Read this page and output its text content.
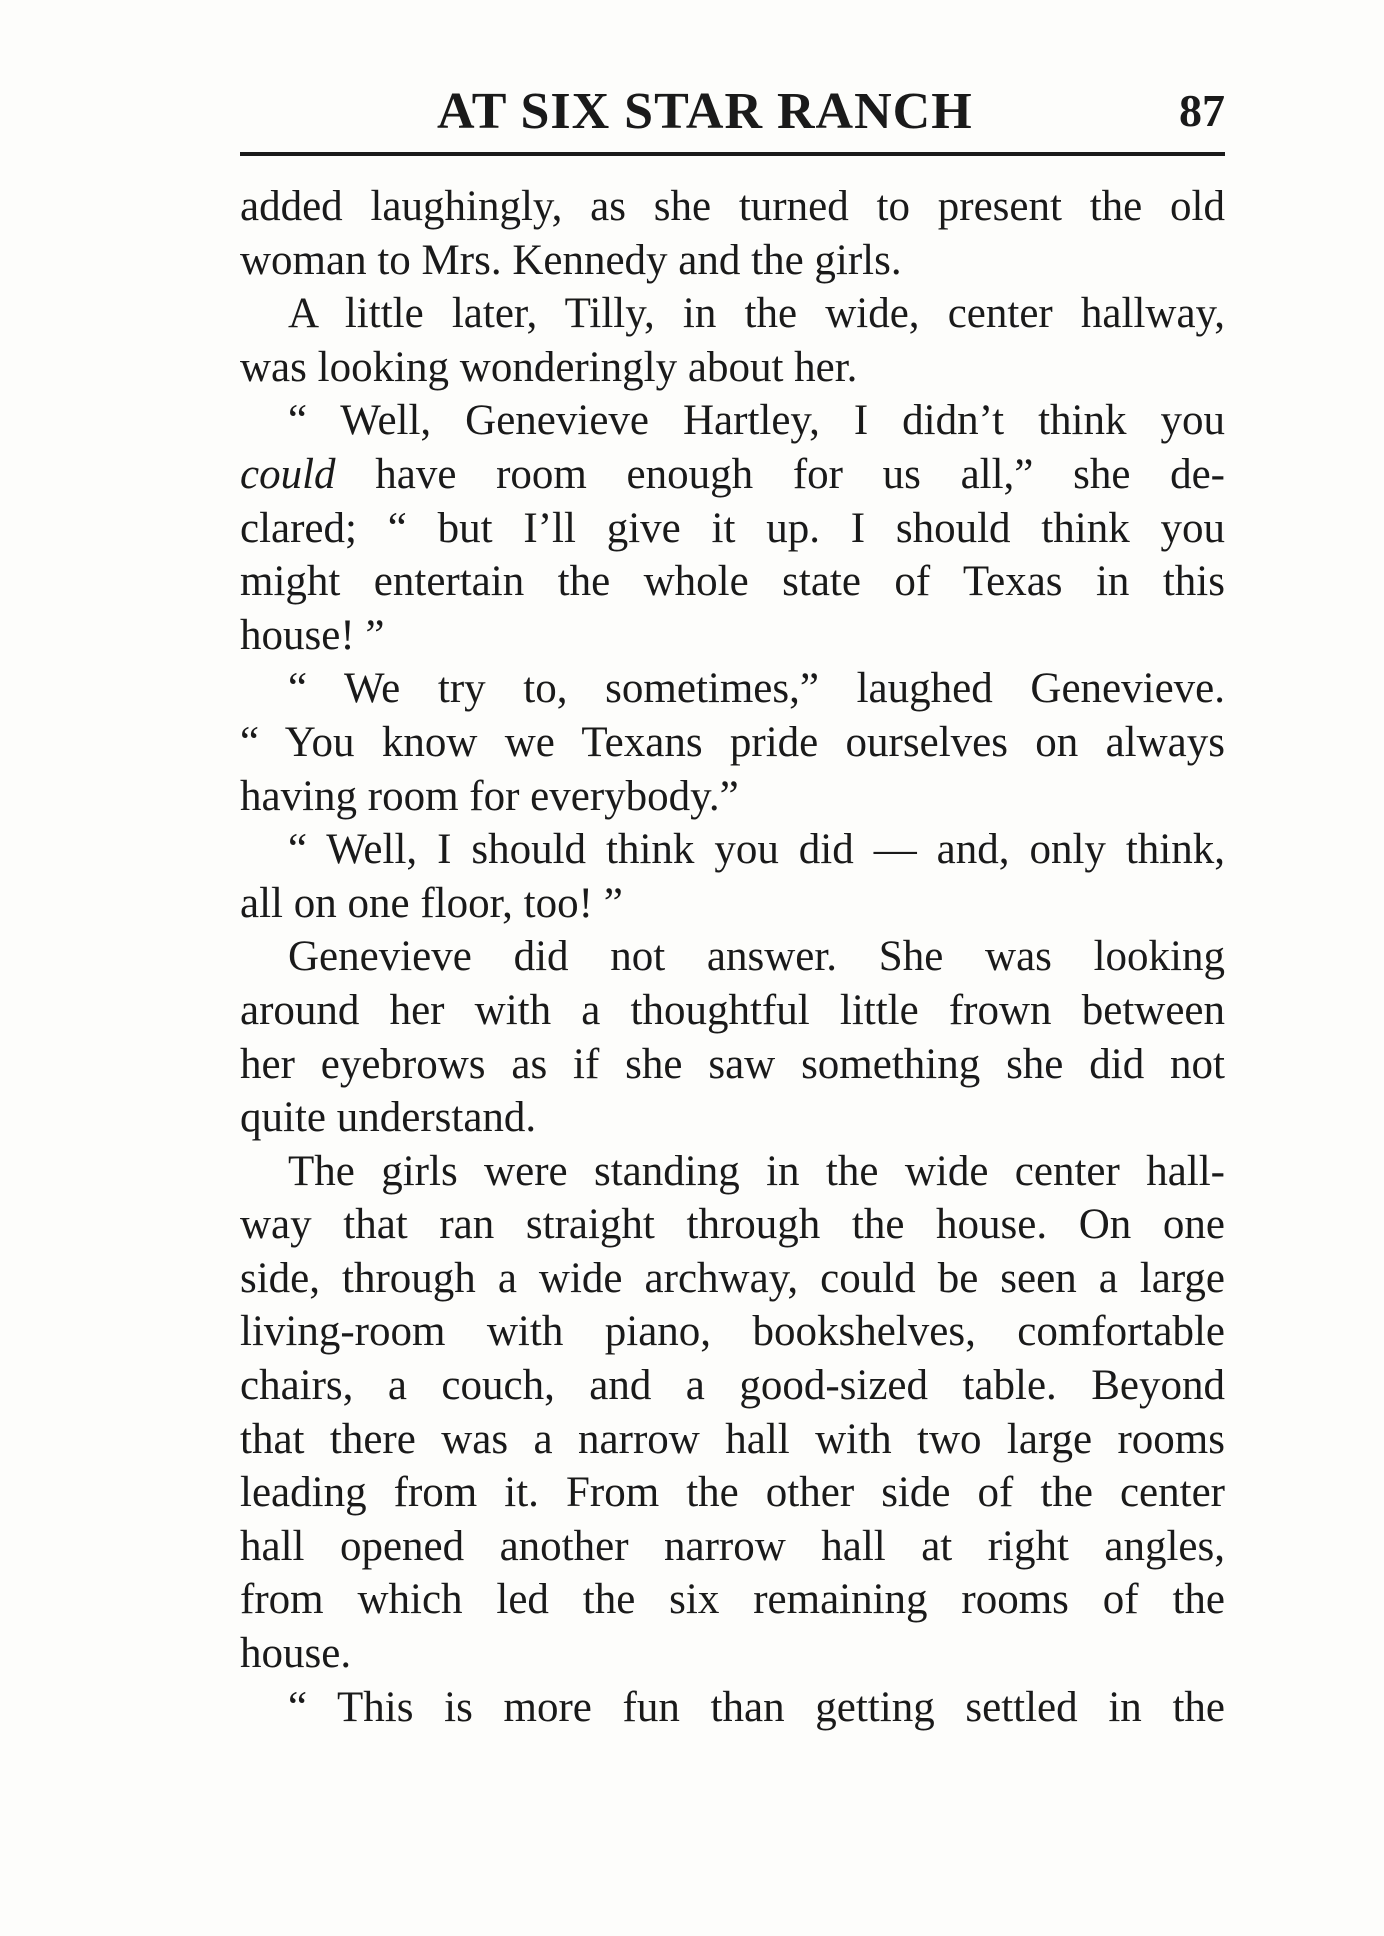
AT SIX STAR RANCH	87
added laughingly, as she turned to present the old
woman to Mrs. Kennedy and the girls.
A little later, Tilly, in the wide, center hallway,
was looking wonderingly about her.
“ Well, Genevieve Hartley, I didn’t think you
could have room enough for us all,” she de-
clared; “ but I’ll give it up. I should think you
might entertain the whole state of Texas in this
house! ”
“ We try to, sometimes,” laughed Genevieve.
“ You know we Texans pride ourselves on always
having room for everybody.”
“ Well, I should think you did — and, only think,
all on one floor, too! ”
Genevieve did not answer. She was looking
around her with a thoughtful little frown between
her eyebrows as if she saw something she did not
quite understand.
The girls were standing in the wide center hall-
way that ran straight through the house. On one
side, through a wide archway, could be seen a large
living-room with piano, bookshelves, comfortable
chairs, a couch, and a good-sized table. Beyond
that there was a narrow hall with two large rooms
leading from it. From the other side of the center
hall opened another narrow hall at right angles,
from which led the six remaining rooms of the
house.
“ This is more fun than getting settled in the
